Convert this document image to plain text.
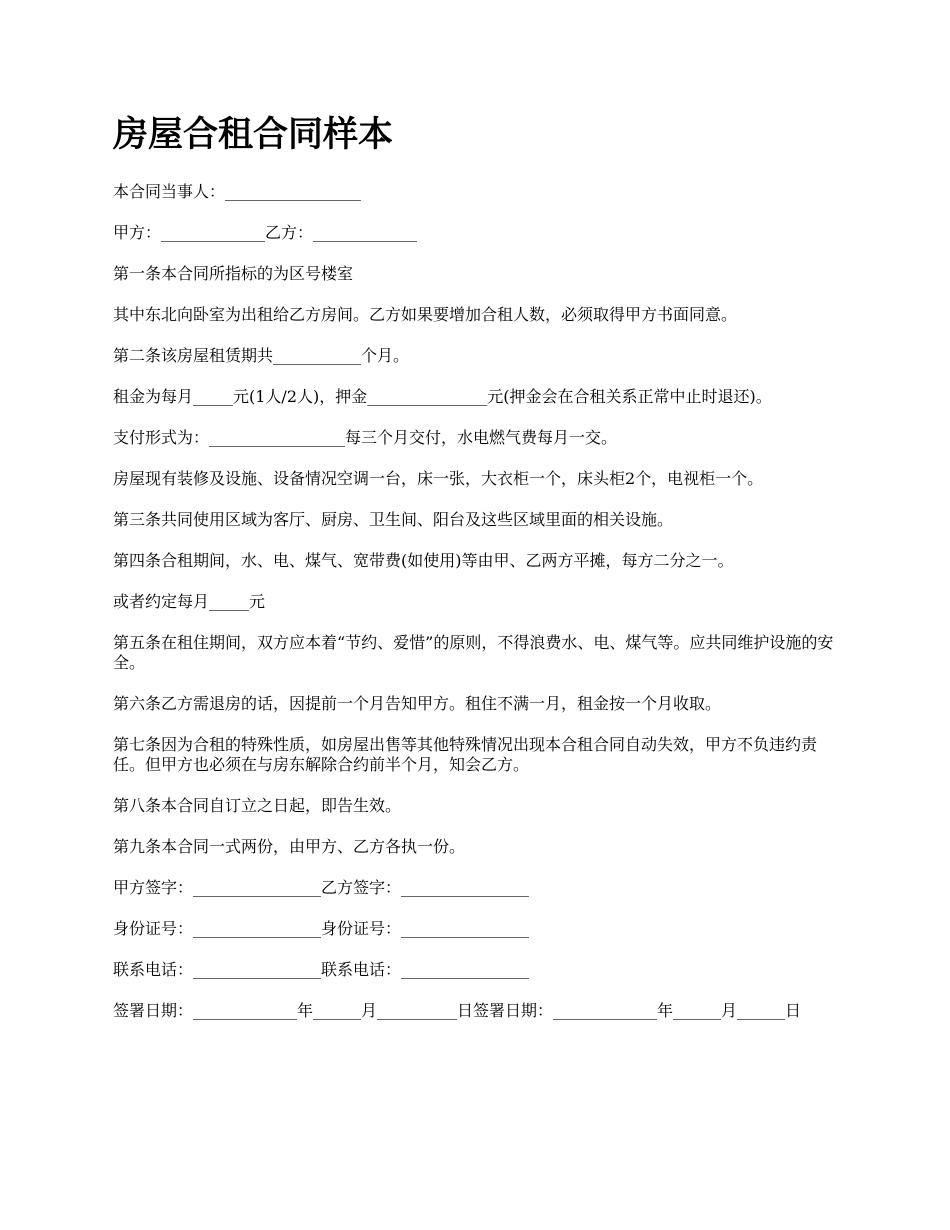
房屋合租合同样本

本合同当事人：_________________

甲方：_____________乙方：_____________

第一条本合同所指标的为区号楼室

其中东北向卧室为出租给乙方房间。乙方如果要增加合租人数，必须取得甲方书面同意。

第二条该房屋租赁期共___________个月。

租金为每月_____元(1人/2人)，押金_______________元(押金会在合租关系正常中止时退还)。

支付形式为：_________________每三个月交付，水电燃气费每月一交。

房屋现有装修及设施、设备情况空调一台，床一张，大衣柜一个，床头柜2个，电视柜一个。

第三条共同使用区域为客厅、厨房、卫生间、阳台及这些区域里面的相关设施。

第四条合租期间，水、电、煤气、宽带费(如使用)等由甲、乙两方平摊，每方二分之一。

或者约定每月_____元

第五条在租住期间，双方应本着“节约、爱惜”的原则，不得浪费水、电、煤气等。应共同维护设施的安全。

第六条乙方需退房的话，因提前一个月告知甲方。租住不满一月，租金按一个月收取。

第七条因为合租的特殊性质，如房屋出售等其他特殊情况出现本合租合同自动失效，甲方不负违约责任。但甲方也必须在与房东解除合约前半个月，知会乙方。

第八条本合同自订立之日起，即告生效。

第九条本合同一式两份，由甲方、乙方各执一份。

甲方签字：________________乙方签字：________________

身份证号：________________身份证号：________________

联系电话：________________联系电话：________________

签署日期：_____________年______月__________日签署日期：_____________年______月______日
